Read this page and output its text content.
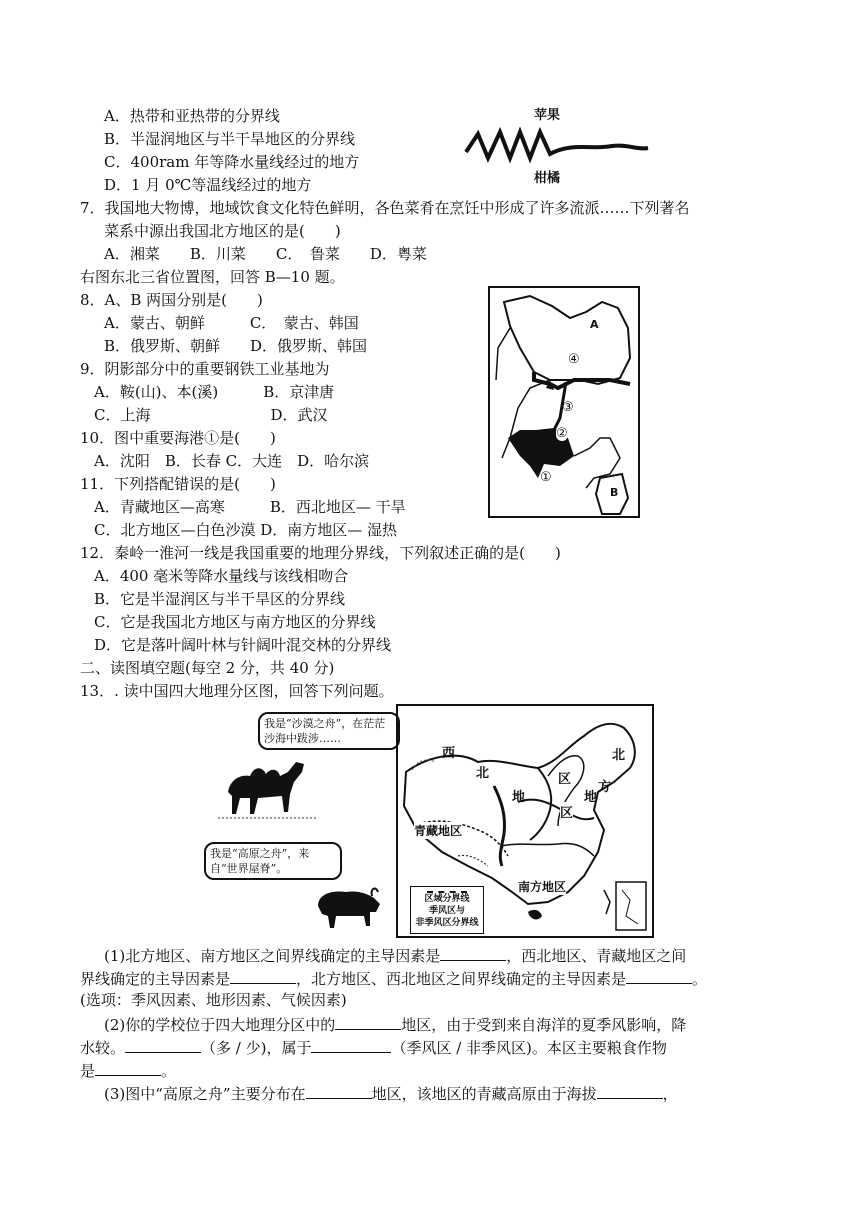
A．热带和亚热带的分界线
B．半湿润地区与半干旱地区的分界线
C．400ram 年等降水量线经过的地方
D．1 月 0℃等温线经过的地方
苹果
柑橘
7．我国地大物博，地域饮食文化特色鲜明，各色菜肴在烹饪中形成了许多流派……下列著名
菜系中源出我国北方地区的是(　　)
A．湘菜　　B．川菜　　C．　鲁菜　　D．粤菜
右图东北三省位置图，回答 B—10 题。
8．A、B 两国分别是(　　)
A．蒙古、朝鲜　　　C．　蒙古、韩国
B．俄罗斯、朝鲜　　D．俄罗斯、韩国
9．阴影部分中的重要钢铁工业基地为
A．鞍(山)、本(溪)　　　B．京津唐
C．上海　　　　　　　　D．武汉
10．图中重要海港①是(　　)
A．沈阳　B．长春 C．大连　D．哈尔滨
11．下列搭配错误的是(　　)
A．青藏地区—高寒　　　B．西北地区— 干旱
C．北方地区—白色沙漠 D．南方地区— 湿热
A
B
①
②
③
④
12．秦岭一淮河一线是我国重要的地理分界线，下列叙述正确的是(　　)
A．400 毫米等降水量线与该线相吻合
B．它是半湿润区与半干旱区的分界线
C．它是我国北方地区与南方地区的分界线
D．它是落叶阔叶林与针阔叶混交林的分界线
二、读图填空题(每空 2 分，共 40 分)
13．. 读中国四大地理分区图，回答下列问题。
我是“沙漠之舟”，在茫茫沙海中跋涉……
我是“高原之舟”，来自“世界屋脊”。
西
北
地
区
北
方
地
区
青藏地区
南方地区
区域分界线
季风区与
非季风区分界线
(1)北方地区、南方地区之间界线确定的主导因素是	，西北地区、青藏地区之间
界线确定的主导因素是	，北方地区、西北地区之间界线确定的主导因素是	。
(选项：季风因素、地形因素、气候因素)
(2)你的学校位于四大地理分区中的	地区，由于受到来自海洋的夏季风影响，降
水较。	（多 / 少)，属于	（季风区 / 非季风区)。本区主要粮食作物
是	。
(3)图中“高原之舟”主要分布在	地区，该地区的青藏高原由于海拔	，
